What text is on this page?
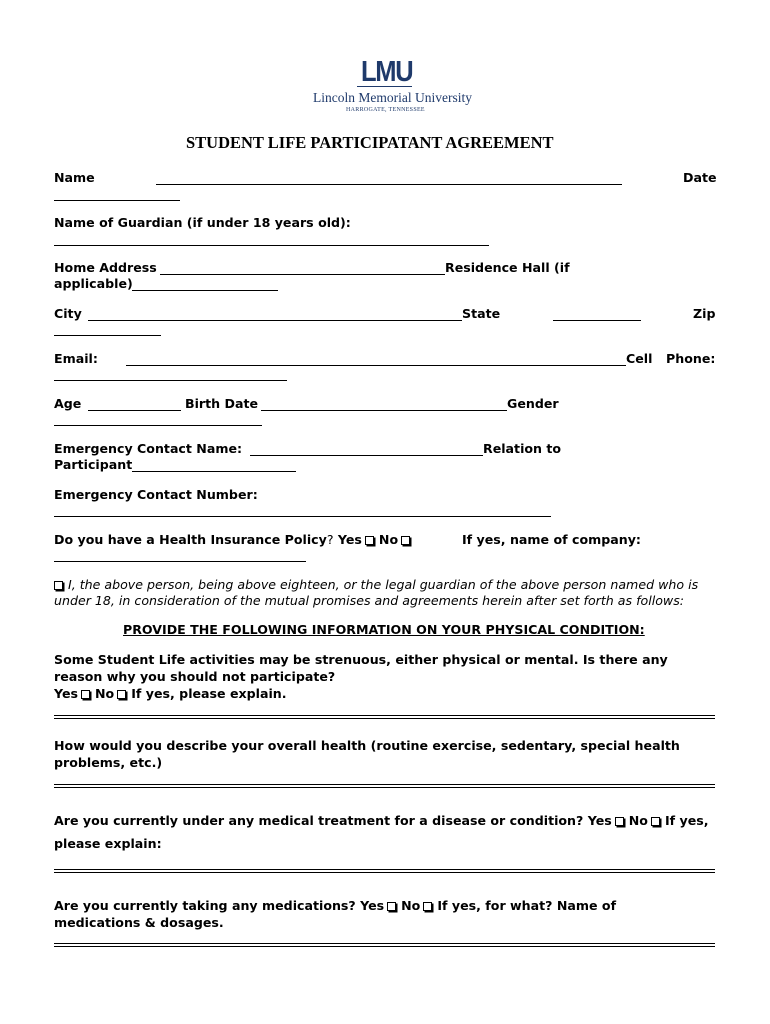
LMU
Lincoln Memorial University
HARROGATE, TENNESSEE
STUDENT LIFE PARTICIPATANT AGREEMENT
Name	Date
Name of Guardian (if under 18 years old):
Home Address	Residence Hall (if
applicable)
City	State	Zip
Email:	Cell Phone:
Age	Birth Date	Gender
Emergency Contact Name:	Relation to
Participant
Emergency Contact Number:
Do you have a Health Insurance Policy? Yes No	If yes, name of company:
I, the above person, being above eighteen, or the legal guardian of the above person named who is
under 18, in consideration of the mutual promises and agreements herein after set forth as follows:
PROVIDE THE FOLLOWING INFORMATION ON YOUR PHYSICAL CONDITION:
Some Student Life activities may be strenuous, either physical or mental. Is there any
reason why you should not participate?
Yes No If yes, please explain.
How would you describe your overall health (routine exercise, sedentary, special health
problems, etc.)
Are you currently under any medical treatment for a disease or condition? Yes No If yes,
please explain:
Are you currently taking any medications? Yes No If yes, for what? Name of
medications & dosages.
